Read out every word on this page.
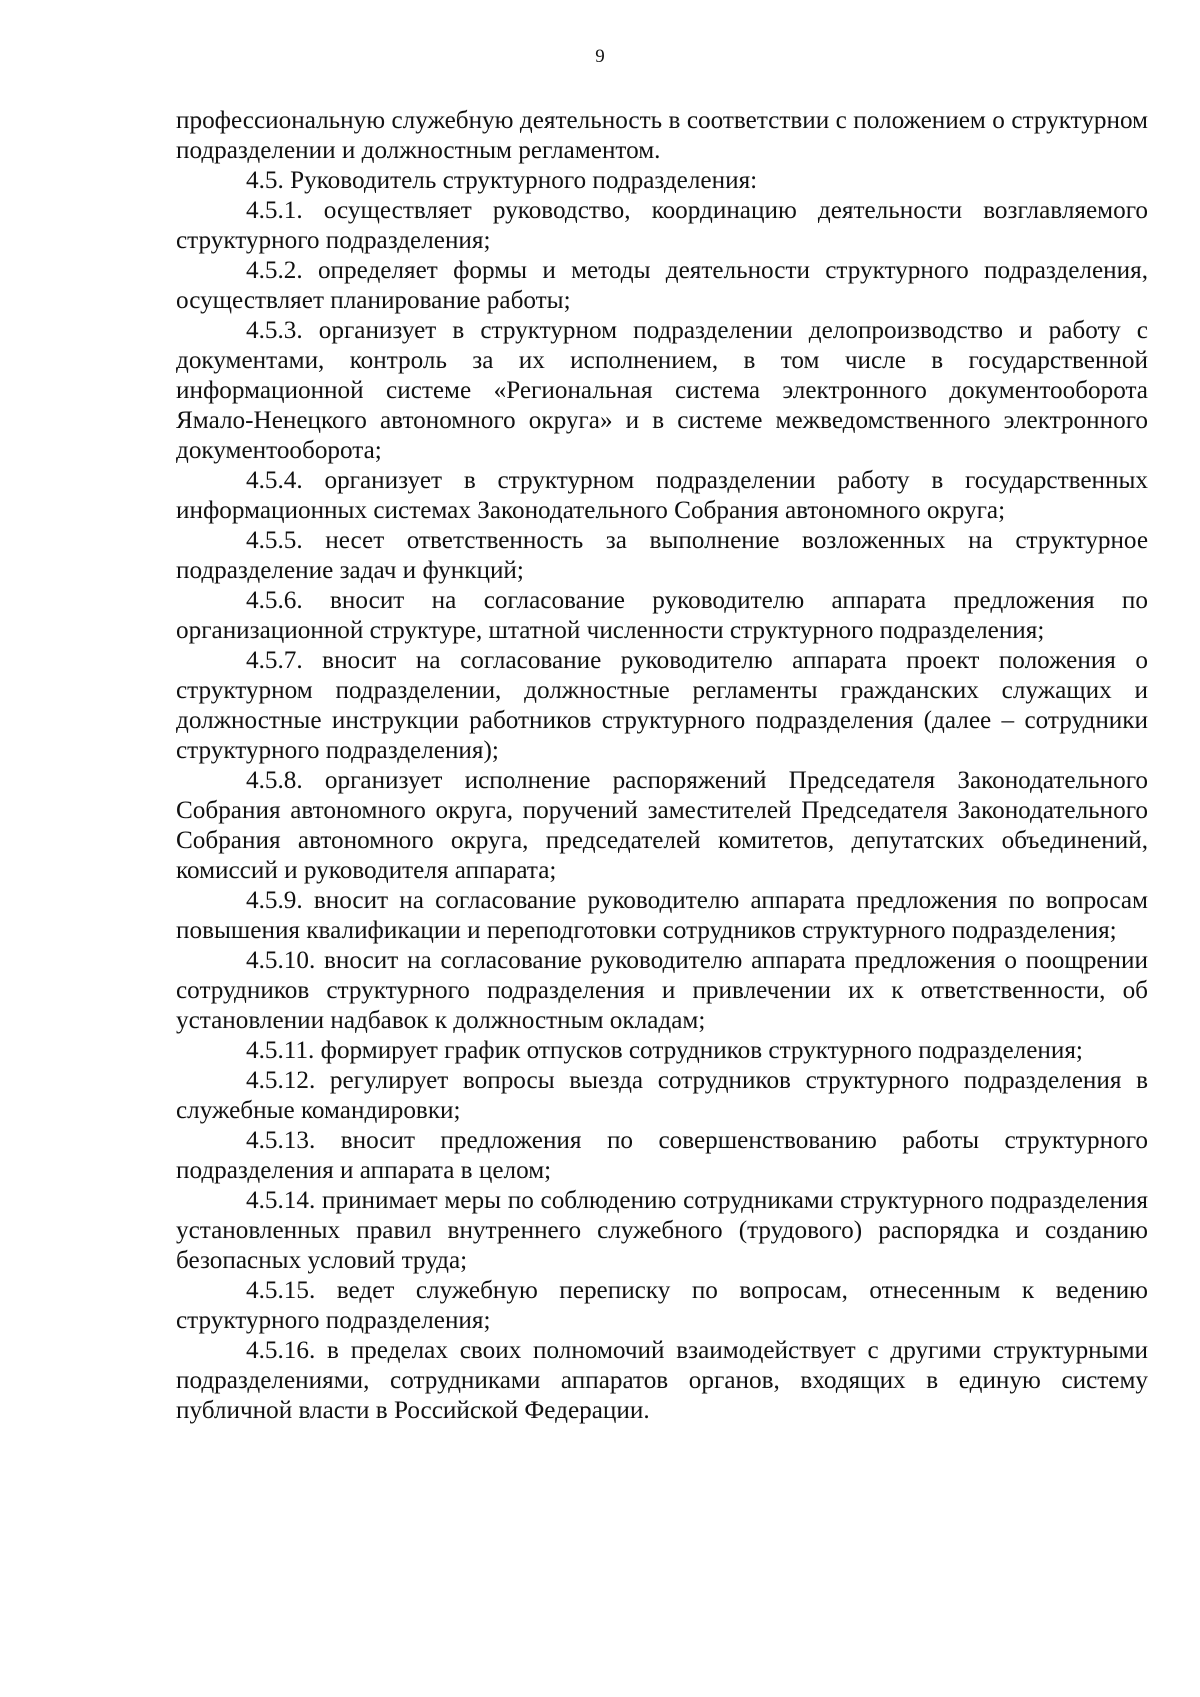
9

профессиональную служебную деятельность в соответствии с положением о структурном подразделении и должностным регламентом.

4.5. Руководитель структурного подразделения:

4.5.1. осуществляет руководство, координацию деятельности возглавляемого структурного подразделения;

4.5.2. определяет формы и методы деятельности структурного подразделения, осуществляет планирование работы;

4.5.3. организует в структурном подразделении делопроизводство и работу с документами, контроль за их исполнением, в том числе в государственной информационной системе «Региональная система электронного документооборота Ямало-Ненецкого автономного округа» и в системе межведомственного электронного документооборота;

4.5.4. организует в структурном подразделении работу в государственных информационных системах Законодательного Собрания автономного округа;

4.5.5. несет ответственность за выполнение возложенных на структурное подразделение задач и функций;

4.5.6. вносит на согласование руководителю аппарата предложения по организационной структуре, штатной численности структурного подразделения;

4.5.7. вносит на согласование руководителю аппарата проект положения о структурном подразделении, должностные регламенты гражданских служащих и должностные инструкции работников структурного подразделения (далее – сотрудники структурного подразделения);

4.5.8. организует исполнение распоряжений Председателя Законодательного Собрания автономного округа, поручений заместителей Председателя Законодательного Собрания автономного округа, председателей комитетов, депутатских объединений, комиссий и руководителя аппарата;

4.5.9. вносит на согласование руководителю аппарата предложения по вопросам повышения квалификации и переподготовки сотрудников структурного подразделения;

4.5.10. вносит на согласование руководителю аппарата предложения о поощрении сотрудников структурного подразделения и привлечении их к ответственности, об установлении надбавок к должностным окладам;

4.5.11. формирует график отпусков сотрудников структурного подразделения;

4.5.12. регулирует вопросы выезда сотрудников структурного подразделения в служебные командировки;

4.5.13. вносит предложения по совершенствованию работы структурного подразделения и аппарата в целом;

4.5.14. принимает меры по соблюдению сотрудниками структурного подразделения установленных правил внутреннего служебного (трудового) распорядка и созданию безопасных условий труда;

4.5.15. ведет служебную переписку по вопросам, отнесенным к ведению структурного подразделения;

4.5.16. в пределах своих полномочий взаимодействует с другими структурными подразделениями, сотрудниками аппаратов органов, входящих в единую систему публичной власти в Российской Федерации.
